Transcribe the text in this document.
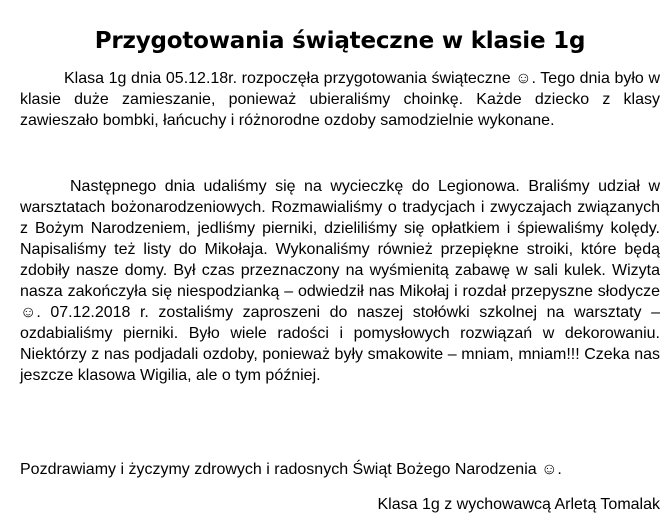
Przygotowania świąteczne w klasie 1g

Klasa 1g dnia 05.12.18r. rozpoczęła przygotowania świąteczne ☺. Tego dnia było w klasie duże zamieszanie, ponieważ ubieraliśmy choinkę. Każde dziecko z klasy zawieszało bombki, łańcuchy i różnorodne ozdoby samodzielnie wykonane.

Następnego dnia udaliśmy się na wycieczkę do Legionowa. Braliśmy udział w warsztatach bożonarodzeniowych. Rozmawialiśmy o tradycjach i zwyczajach związanych z Bożym Narodzeniem, jedliśmy pierniki, dzieliliśmy się opłatkiem i śpiewaliśmy kolędy. Napisaliśmy też listy do Mikołaja. Wykonaliśmy również przepiękne stroiki, które będą zdobiły nasze domy. Był czas przeznaczony na wyśmienitą zabawę w sali kulek. Wizyta nasza zakończyła się niespodzianką – odwiedził nas Mikołaj i rozdał przepyszne słodycze ☺. 07.12.2018 r. zostaliśmy zaproszeni do naszej stołówki szkolnej na warsztaty – ozdabialiśmy pierniki. Było wiele radości i pomysłowych rozwiązań w dekorowaniu. Niektórzy z nas podjadali ozdoby, ponieważ były smakowite – mniam, mniam!!! Czeka nas jeszcze klasowa Wigilia, ale o tym później.

Pozdrawiamy i życzymy zdrowych i radosnych Świąt Bożego Narodzenia ☺.

Klasa 1g z wychowawcą Arletą Tomalak
